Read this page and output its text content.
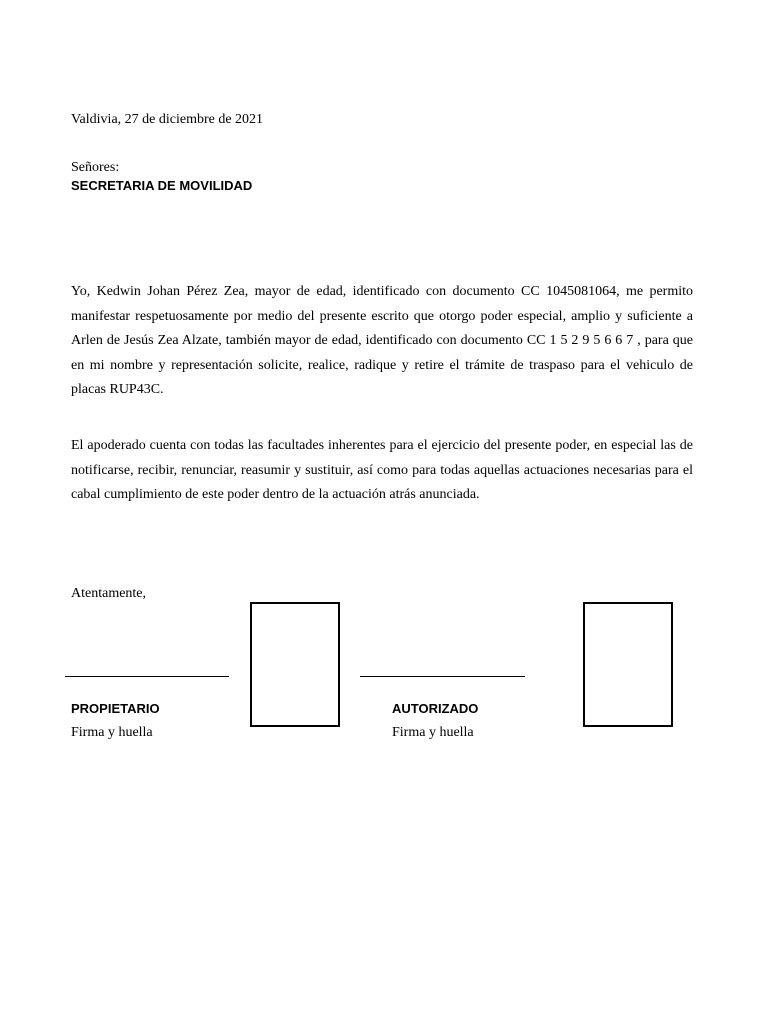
Valdivia, 27 de diciembre de 2021
Señores:
SECRETARIA DE MOVILIDAD
Yo, Kedwin Johan Pérez Zea, mayor de edad, identificado con documento CC 1045081064, me permito manifestar respetuosamente por medio del presente escrito que otorgo poder especial, amplio y suficiente a Arlen de Jesús Zea Alzate, también mayor de edad, identificado con documento CC 1 5 2 9 5 6 6 7 , para que en mi nombre y representación solicite, realice, radique y retire el trámite de traspaso para el vehiculo de placas RUP43C.
El apoderado cuenta con todas las facultades inherentes para el ejercicio del presente poder, en especial las de notificarse, recibir, renunciar, reasumir y sustituir, así como para todas aquellas actuaciones necesarias para el cabal cumplimiento de este poder dentro de la actuación atrás anunciada.
Atentamente,
PROPIETARIO
Firma y huella
AUTORIZADO
Firma y huella
